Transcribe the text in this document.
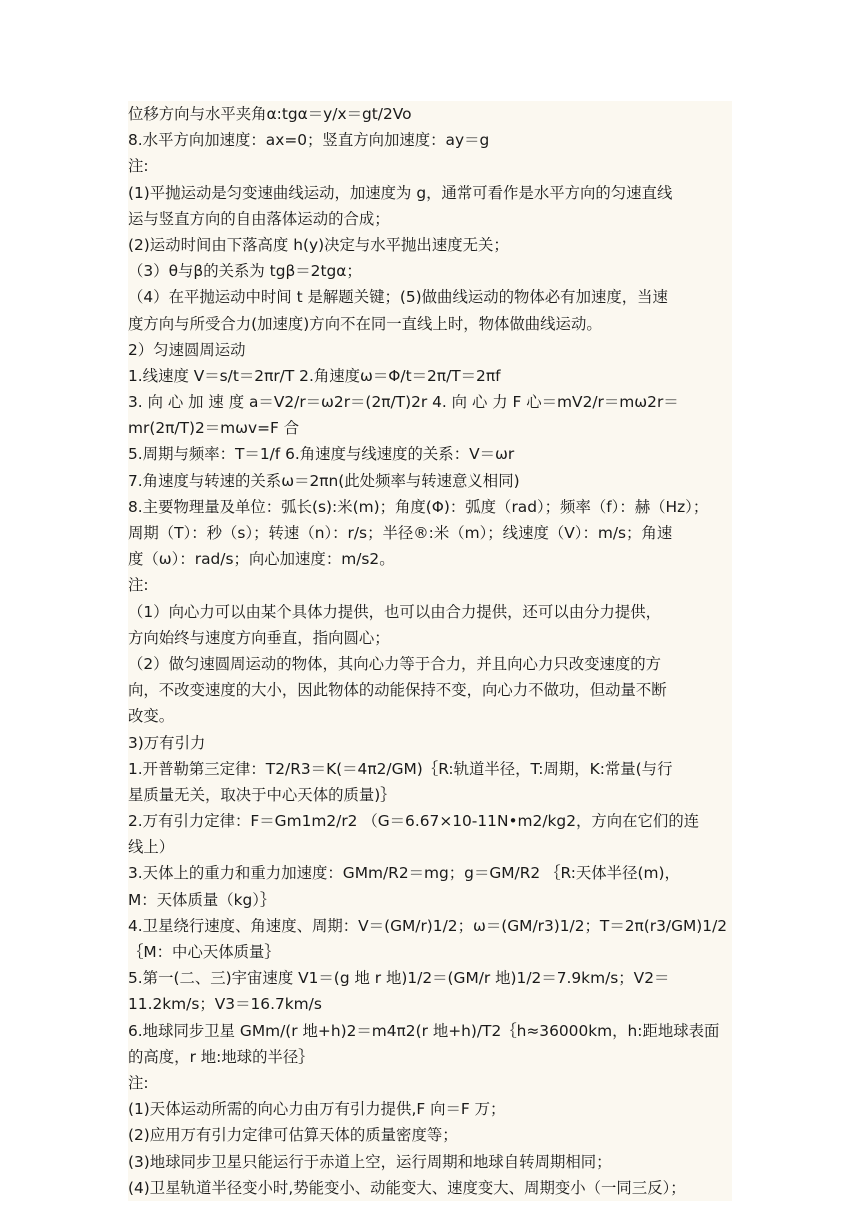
位移方向与水平夹角α:tgα＝y/x＝gt/2Vo
8.水平方向加速度：ax=0；竖直方向加速度：ay＝g
注:
(1)平抛运动是匀变速曲线运动，加速度为 g，通常可看作是水平方向的匀速直线
运与竖直方向的自由落体运动的合成；
(2)运动时间由下落高度 h(y)决定与水平抛出速度无关；
（3）θ与β的关系为 tgβ＝2tgα；
（4）在平抛运动中时间 t 是解题关键；(5)做曲线运动的物体必有加速度，当速
度方向与所受合力(加速度)方向不在同一直线上时，物体做曲线运动。
2）匀速圆周运动
1.线速度 V＝s/t＝2πr/T 2.角速度ω＝Φ/t＝2π/T＝2πf
3. 向 心 加 速 度 a＝V2/r＝ω2r＝(2π/T)2r 4. 向 心 力 F 心＝mV2/r＝mω2r＝
mr(2π/T)2＝mωv=F 合
5.周期与频率：T＝1/f 6.角速度与线速度的关系：V＝ωr
7.角速度与转速的关系ω＝2πn(此处频率与转速意义相同)
8.主要物理量及单位：弧长(s):米(m)；角度(Φ)：弧度（rad）；频率（f）：赫（Hz）；
周期（T）：秒（s）；转速（n）：r/s；半径®:米（m）；线速度（V）：m/s；角速
度（ω）：rad/s；向心加速度：m/s2。
注:
（1）向心力可以由某个具体力提供，也可以由合力提供，还可以由分力提供，
方向始终与速度方向垂直，指向圆心；
（2）做匀速圆周运动的物体，其向心力等于合力，并且向心力只改变速度的方
向，不改变速度的大小，因此物体的动能保持不变，向心力不做功，但动量不断
改变。
3)万有引力
1.开普勒第三定律：T2/R3＝K(＝4π2/GM)｛R:轨道半径，T:周期，K:常量(与行
星质量无关，取决于中心天体的质量)｝
2.万有引力定律：F＝Gm1m2/r2 （G＝6.67×10-11N•m2/kg2，方向在它们的连
线上）
3.天体上的重力和重力加速度：GMm/R2＝mg；g＝GM/R2 ｛R:天体半径(m)，
M：天体质量（kg）｝
4.卫星绕行速度、角速度、周期：V＝(GM/r)1/2；ω＝(GM/r3)1/2；T＝2π(r3/GM)1/2
｛M：中心天体质量｝
5.第一(二、三)宇宙速度 V1＝(g 地 r 地)1/2＝(GM/r 地)1/2＝7.9km/s；V2＝
11.2km/s；V3＝16.7km/s
6.地球同步卫星 GMm/(r 地+h)2＝m4π2(r 地+h)/T2｛h≈36000km，h:距地球表面
的高度，r 地:地球的半径｝
注:
(1)天体运动所需的向心力由万有引力提供,F 向＝F 万；
(2)应用万有引力定律可估算天体的质量密度等；
(3)地球同步卫星只能运行于赤道上空，运行周期和地球自转周期相同；
(4)卫星轨道半径变小时,势能变小、动能变大、速度变大、周期变小（一同三反）；
